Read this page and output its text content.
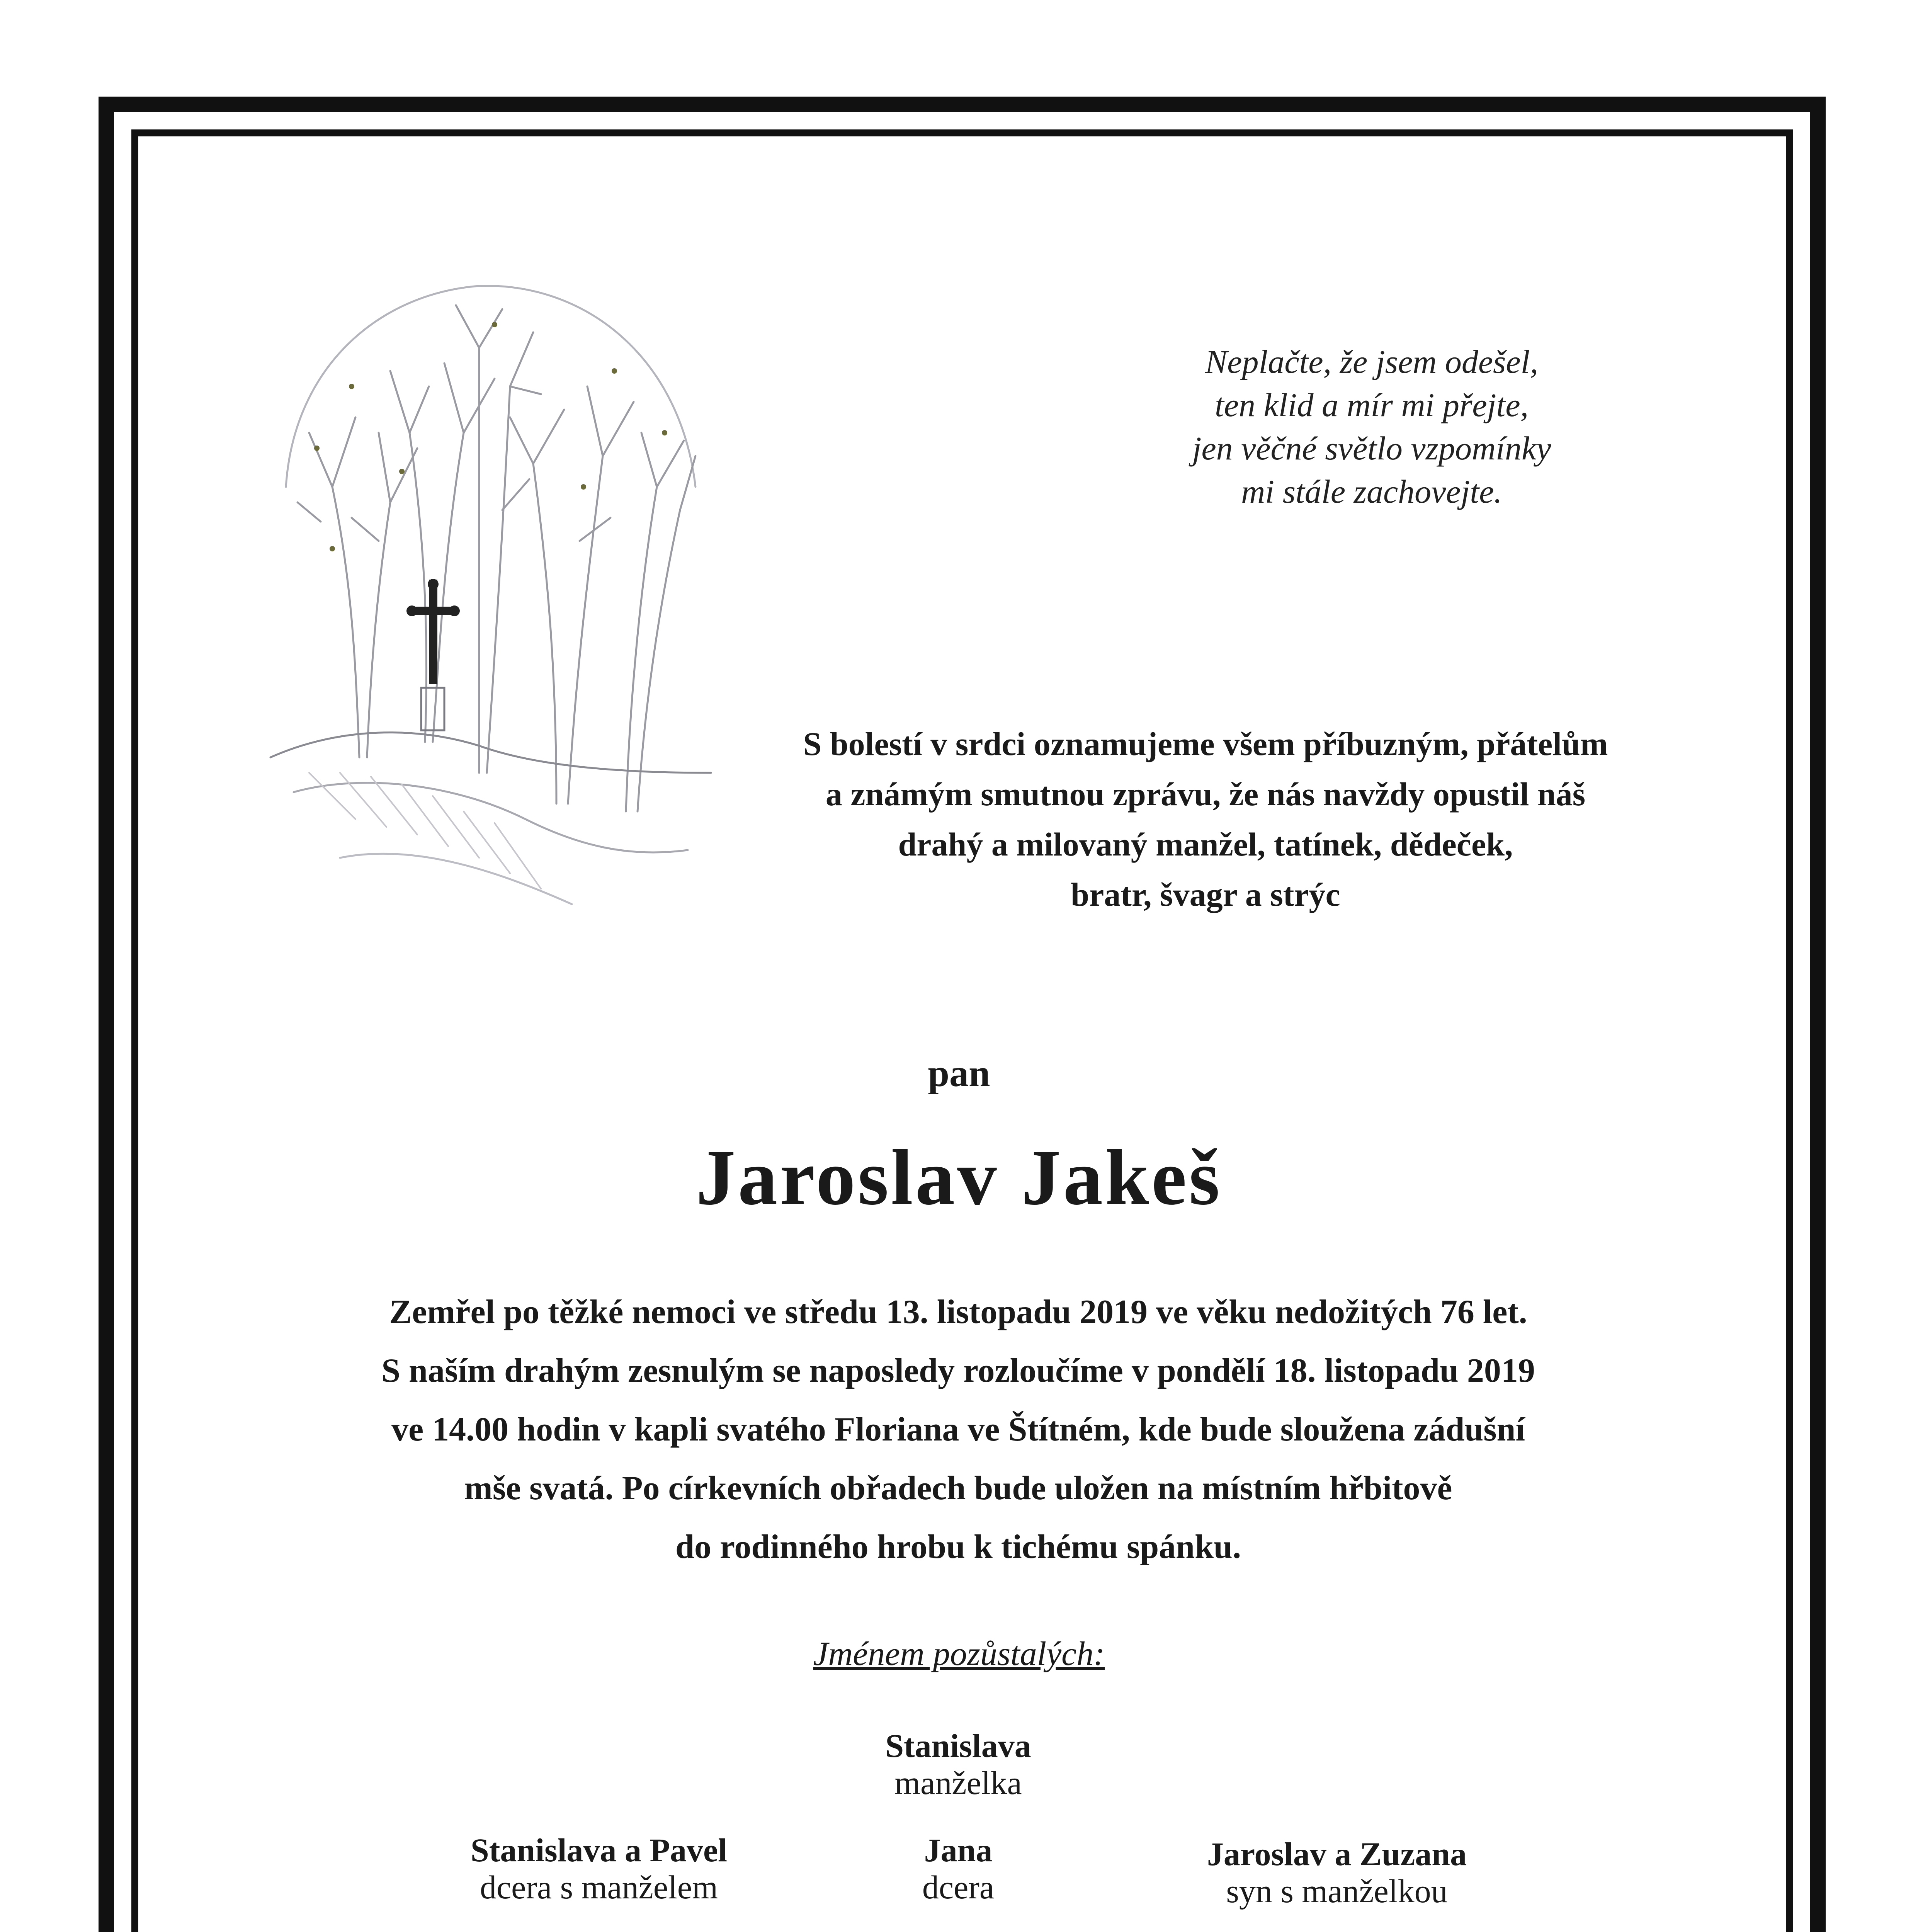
Neplačte, že jsem odešel,
ten klid a mír mi přejte,
jen věčné světlo vzpomínky
mi stále zachovejte.
S bolestí v srdci oznamujeme všem příbuzným, přátelům
a známým smutnou zprávu, že nás navždy opustil náš
drahý a milovaný manžel, tatínek, dědeček,
bratr, švagr a strýc
pan
Jaroslav Jakeš
Zemřel po těžké nemoci ve středu 13. listopadu 2019 ve věku nedožitých 76 let.
S naším drahým zesnulým se naposledy rozloučíme v pondělí 18. listopadu 2019
ve 14.00 hodin v kapli svatého Floriana ve Štítném, kde bude sloužena zádušní
mše svatá. Po církevních obřadech bude uložen na místním hřbitově
do rodinného hrobu k tichému spánku.
Jménem pozůstalých:
Stanislava
manželka
Stanislava a Pavel
dcera s manželem
Jana
dcera
Jaroslav a Zuzana
syn s manželkou
